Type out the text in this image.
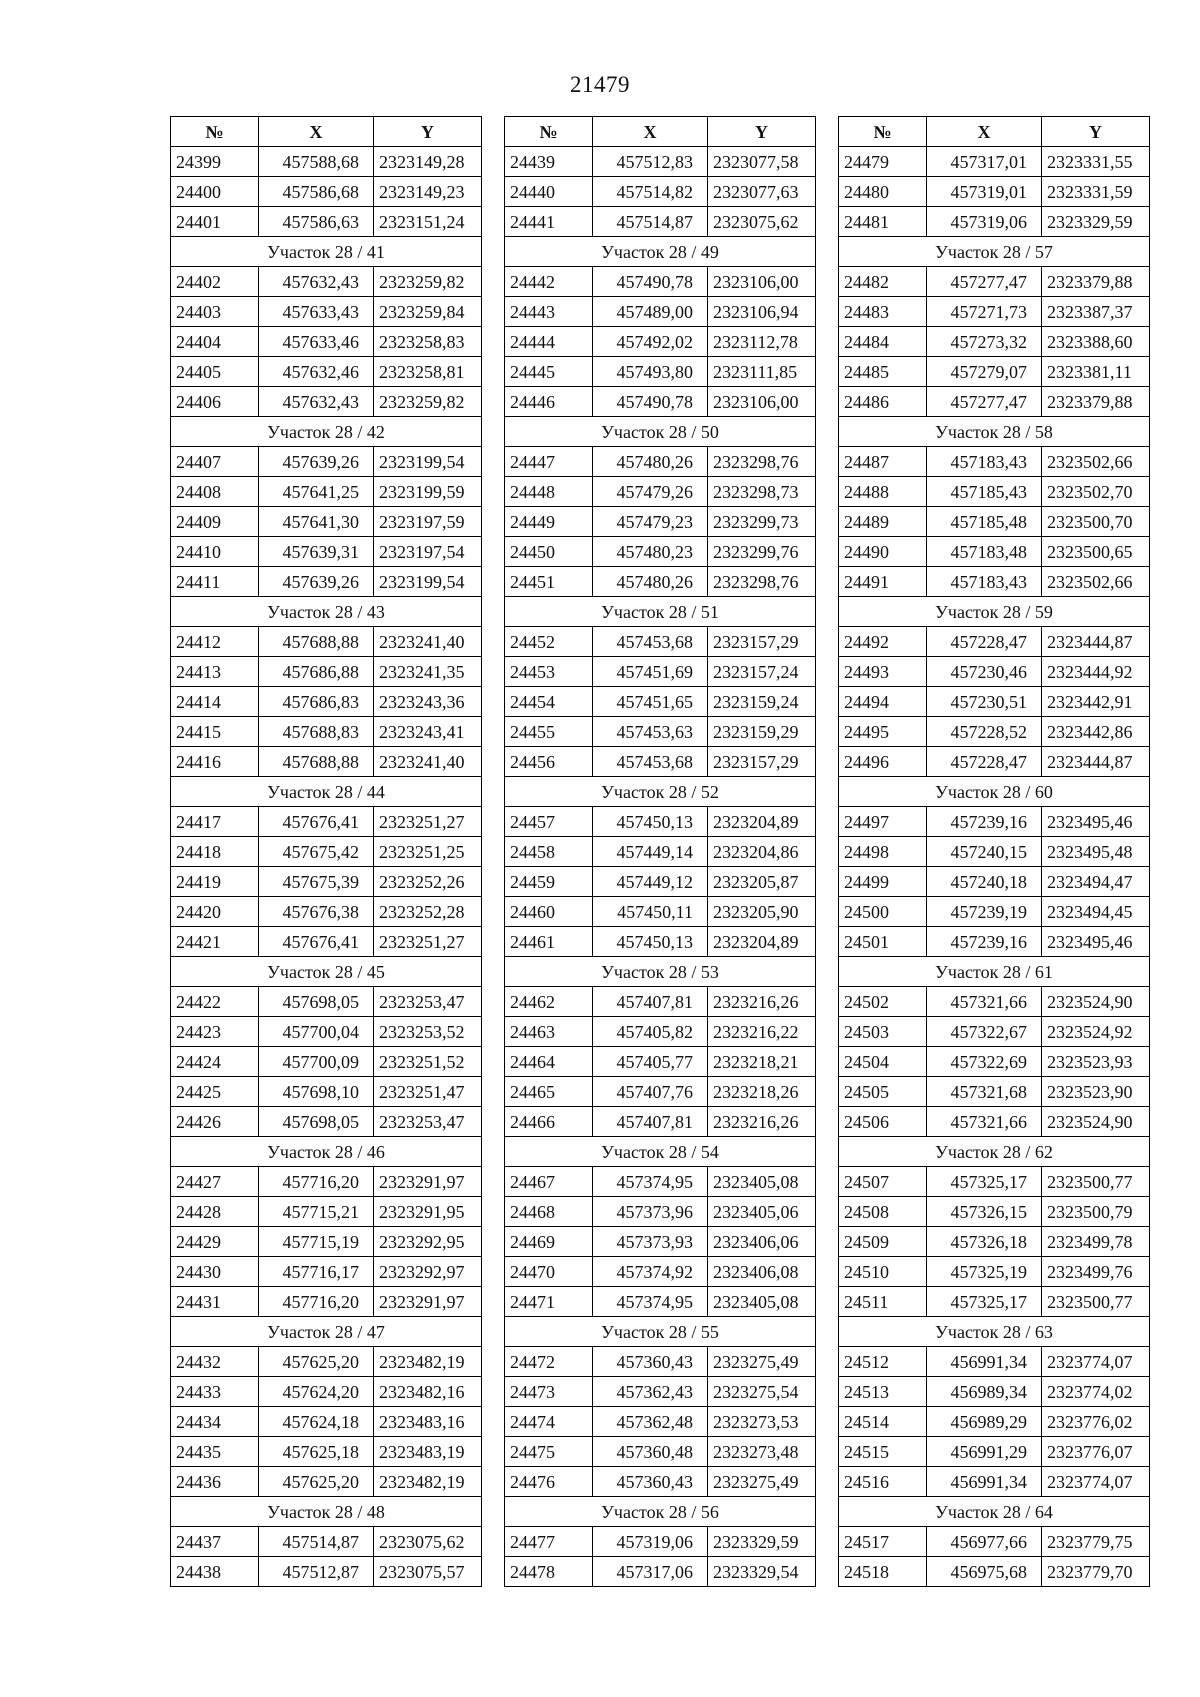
21479
№	X	Y
24399	457588,68	2323149,28
24400	457586,68	2323149,23
24401	457586,63	2323151,24
Участок 28 / 41		
24402	457632,43	2323259,82
24403	457633,43	2323259,84
24404	457633,46	2323258,83
24405	457632,46	2323258,81
24406	457632,43	2323259,82
Участок 28 / 42		
24407	457639,26	2323199,54
24408	457641,25	2323199,59
24409	457641,30	2323197,59
24410	457639,31	2323197,54
24411	457639,26	2323199,54
Участок 28 / 43		
24412	457688,88	2323241,40
24413	457686,88	2323241,35
24414	457686,83	2323243,36
24415	457688,83	2323243,41
24416	457688,88	2323241,40
Участок 28 / 44		
24417	457676,41	2323251,27
24418	457675,42	2323251,25
24419	457675,39	2323252,26
24420	457676,38	2323252,28
24421	457676,41	2323251,27
Участок 28 / 45		
24422	457698,05	2323253,47
24423	457700,04	2323253,52
24424	457700,09	2323251,52
24425	457698,10	2323251,47
24426	457698,05	2323253,47
Участок 28 / 46		
24427	457716,20	2323291,97
24428	457715,21	2323291,95
24429	457715,19	2323292,95
24430	457716,17	2323292,97
24431	457716,20	2323291,97
Участок 28 / 47		
24432	457625,20	2323482,19
24433	457624,20	2323482,16
24434	457624,18	2323483,16
24435	457625,18	2323483,19
24436	457625,20	2323482,19
Участок 28 / 48		
24437	457514,87	2323075,62
24438	457512,87	2323075,57
№	X	Y
24439	457512,83	2323077,58
24440	457514,82	2323077,63
24441	457514,87	2323075,62
Участок 28 / 49		
24442	457490,78	2323106,00
24443	457489,00	2323106,94
24444	457492,02	2323112,78
24445	457493,80	2323111,85
24446	457490,78	2323106,00
Участок 28 / 50		
24447	457480,26	2323298,76
24448	457479,26	2323298,73
24449	457479,23	2323299,73
24450	457480,23	2323299,76
24451	457480,26	2323298,76
Участок 28 / 51		
24452	457453,68	2323157,29
24453	457451,69	2323157,24
24454	457451,65	2323159,24
24455	457453,63	2323159,29
24456	457453,68	2323157,29
Участок 28 / 52		
24457	457450,13	2323204,89
24458	457449,14	2323204,86
24459	457449,12	2323205,87
24460	457450,11	2323205,90
24461	457450,13	2323204,89
Участок 28 / 53		
24462	457407,81	2323216,26
24463	457405,82	2323216,22
24464	457405,77	2323218,21
24465	457407,76	2323218,26
24466	457407,81	2323216,26
Участок 28 / 54		
24467	457374,95	2323405,08
24468	457373,96	2323405,06
24469	457373,93	2323406,06
24470	457374,92	2323406,08
24471	457374,95	2323405,08
Участок 28 / 55		
24472	457360,43	2323275,49
24473	457362,43	2323275,54
24474	457362,48	2323273,53
24475	457360,48	2323273,48
24476	457360,43	2323275,49
Участок 28 / 56		
24477	457319,06	2323329,59
24478	457317,06	2323329,54
№	X	Y
24479	457317,01	2323331,55
24480	457319,01	2323331,59
24481	457319,06	2323329,59
Участок 28 / 57		
24482	457277,47	2323379,88
24483	457271,73	2323387,37
24484	457273,32	2323388,60
24485	457279,07	2323381,11
24486	457277,47	2323379,88
Участок 28 / 58		
24487	457183,43	2323502,66
24488	457185,43	2323502,70
24489	457185,48	2323500,70
24490	457183,48	2323500,65
24491	457183,43	2323502,66
Участок 28 / 59		
24492	457228,47	2323444,87
24493	457230,46	2323444,92
24494	457230,51	2323442,91
24495	457228,52	2323442,86
24496	457228,47	2323444,87
Участок 28 / 60		
24497	457239,16	2323495,46
24498	457240,15	2323495,48
24499	457240,18	2323494,47
24500	457239,19	2323494,45
24501	457239,16	2323495,46
Участок 28 / 61		
24502	457321,66	2323524,90
24503	457322,67	2323524,92
24504	457322,69	2323523,93
24505	457321,68	2323523,90
24506	457321,66	2323524,90
Участок 28 / 62		
24507	457325,17	2323500,77
24508	457326,15	2323500,79
24509	457326,18	2323499,78
24510	457325,19	2323499,76
24511	457325,17	2323500,77
Участок 28 / 63		
24512	456991,34	2323774,07
24513	456989,34	2323774,02
24514	456989,29	2323776,02
24515	456991,29	2323776,07
24516	456991,34	2323774,07
Участок 28 / 64		
24517	456977,66	2323779,75
24518	456975,68	2323779,70
